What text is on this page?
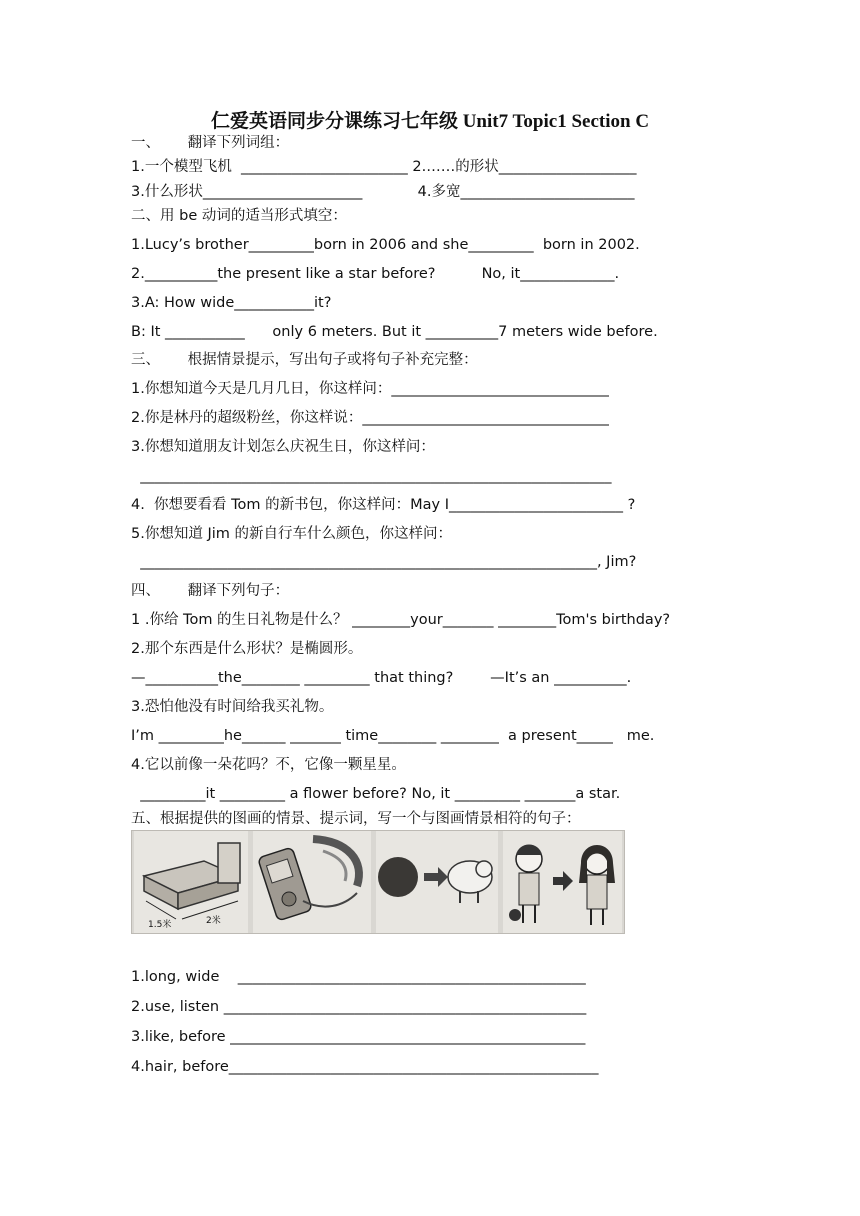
仁爱英语同步分课练习七年级 Unit7 Topic1 Section C
一、      翻译下列词组：
1.一个模型飞机  _______________________ 2.……的形状___________________
3.什么形状______________________            4.多宽________________________
二、用 be 动词的适当形式填空：
1.Lucy’s brother_________born in 2006 and she_________  born in 2002.
2.__________the present like a star before?          No, it_____________.
3.A: How wide___________it?
B: It ___________      only 6 meters. But it __________7 meters wide before.
三、      根据情景提示，写出句子或将句子补充完整：
1.你想知道今天是几月几日，你这样问：______________________________
2.你是林丹的超级粉丝，你这样说：__________________________________
3.你想知道朋友计划怎么庆祝生日，你这样问：
_________________________________________________________________
4.  你想要看看 Tom 的新书包，你这样问：May I________________________ ?
5.你想知道 Jim 的新自行车什么颜色，你这样问：
_______________________________________________________________, Jim?
四、      翻译下列句子：
1 .你给 Tom 的生日礼物是什么？ ________your_______ ________Tom's birthday?
2.那个东西是什么形状？是椭圆形。
—__________the________ _________ that thing?        —It’s an __________.
3.恐怕他没有时间给我买礼物。
I’m _________he______ _______ time________ ________  a present_____   me.
4.它以前像一朵花吗？不，它像一颗星星。
_________it _________ a flower before? No, it _________ _______a star.
五、根据提供的图画的情景、提示词，写一个与图画情景相符的句子：
1.5米	2米
1.long, wide    ________________________________________________
2.use, listen __________________________________________________
3.like, before _________________________________________________
4.hair, before___________________________________________________
